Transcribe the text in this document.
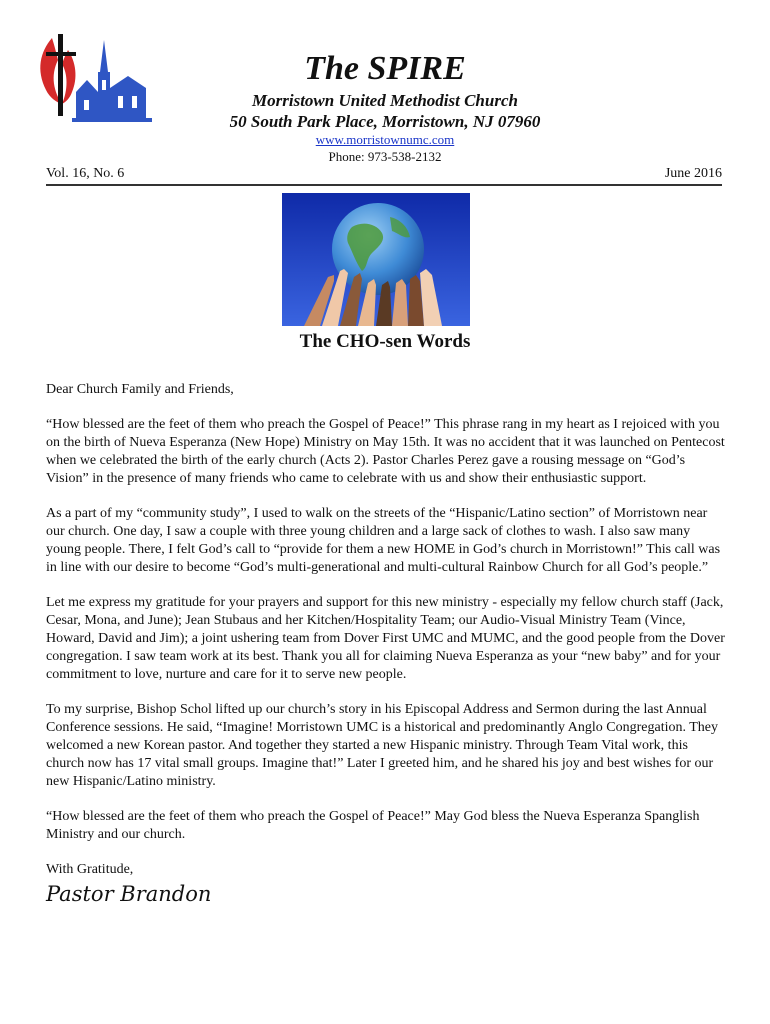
The SPIRE
Morristown United Methodist Church
50 South Park Place, Morristown, NJ 07960
www.morristownumc.com
Phone: 973-538-2132
Vol. 16, No. 6	June 2016
The CHO-sen Words

Dear Church Family and Friends,

“How blessed are the feet of them who preach the Gospel of Peace!” This phrase rang in my heart as I rejoiced with you on the birth of Nueva Esperanza (New Hope) Ministry on May 15th. It was no accident that it was launched on Pentecost when we celebrated the birth of the early church (Acts 2). Pastor Charles Perez gave a rousing message on “God’s Vision” in the presence of many friends who came to celebrate with us and show their enthusiastic support.

As a part of my “community study”, I used to walk on the streets of the “Hispanic/Latino section” of Morristown near our church. One day, I saw a couple with three young children and a large sack of clothes to wash. I also saw many young people. There, I felt God’s call to “provide for them a new HOME in God’s church in Morristown!” This call was in line with our desire to become “God’s multi-generational and multi-cultural Rainbow Church for all God’s people.”

Let me express my gratitude for your prayers and support for this new ministry - especially my fellow church staff (Jack, Cesar, Mona, and June); Jean Stubaus and her Kitchen/Hospitality Team; our Audio-Visual Ministry Team (Vince, Howard, David and Jim); a joint ushering team from Dover First UMC and MUMC, and the good people from the Dover congregation. I saw team work at its best. Thank you all for claiming Nueva Esperanza as your “new baby” and for your commitment to love, nurture and care for it to serve new people.

To my surprise, Bishop Schol lifted up our church’s story in his Episcopal Address and Sermon during the last Annual Conference sessions. He said, “Imagine! Morristown UMC is a historical and predominantly Anglo Congregation. They welcomed a new Korean pastor. And together they started a new Hispanic ministry. Through Team Vital work, this church now has 17 vital small groups. Imagine that!” Later I greeted him, and he shared his joy and best wishes for our new Hispanic/Latino ministry.

“How blessed are the feet of them who preach the Gospel of Peace!” May God bless the Nueva Esperanza Spanglish Ministry and our church.

With Gratitude,
Pastor Brandon
